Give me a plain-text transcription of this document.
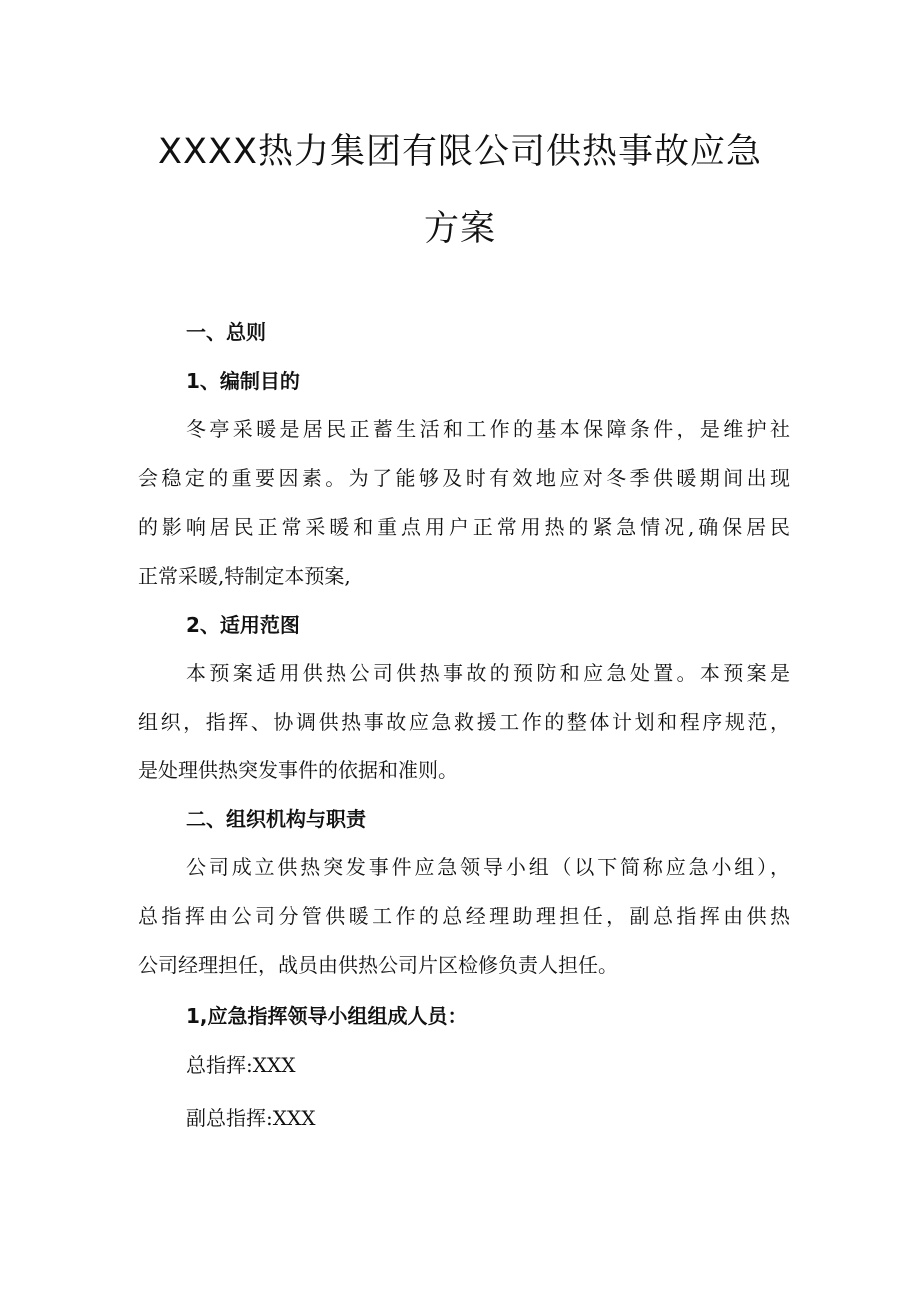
XXXX热力集团有限公司供热事故应急
方案
一、总则
1、编制目的
冬亭采暖是居民正蓄生活和工作的基本保障条件，是维护社
会稳定的重要因素。为了能够及时有效地应对冬季供暖期间出现
的影响居民正常采暖和重点用户正常用热的紧急情况,确保居民
正常采暖,特制定本预案,
2、适用范图
本预案适用供热公司供热事故的预防和应急处置。本预案是
组织，指挥、协调供热事故应急救援工作的整体计划和程序规范，
是处理供热突发事件的依据和准则。
二、组织机构与职责
公司成立供热突发事件应急领导小组（以下简称应急小组），
总指挥由公司分管供暖工作的总经理助理担任，副总指挥由供热
公司经理担任，战员由供热公司片区检修负责人担任。
1,应急指挥领导小组组成人员：
总指挥:XXX
副总指挥:XXX
